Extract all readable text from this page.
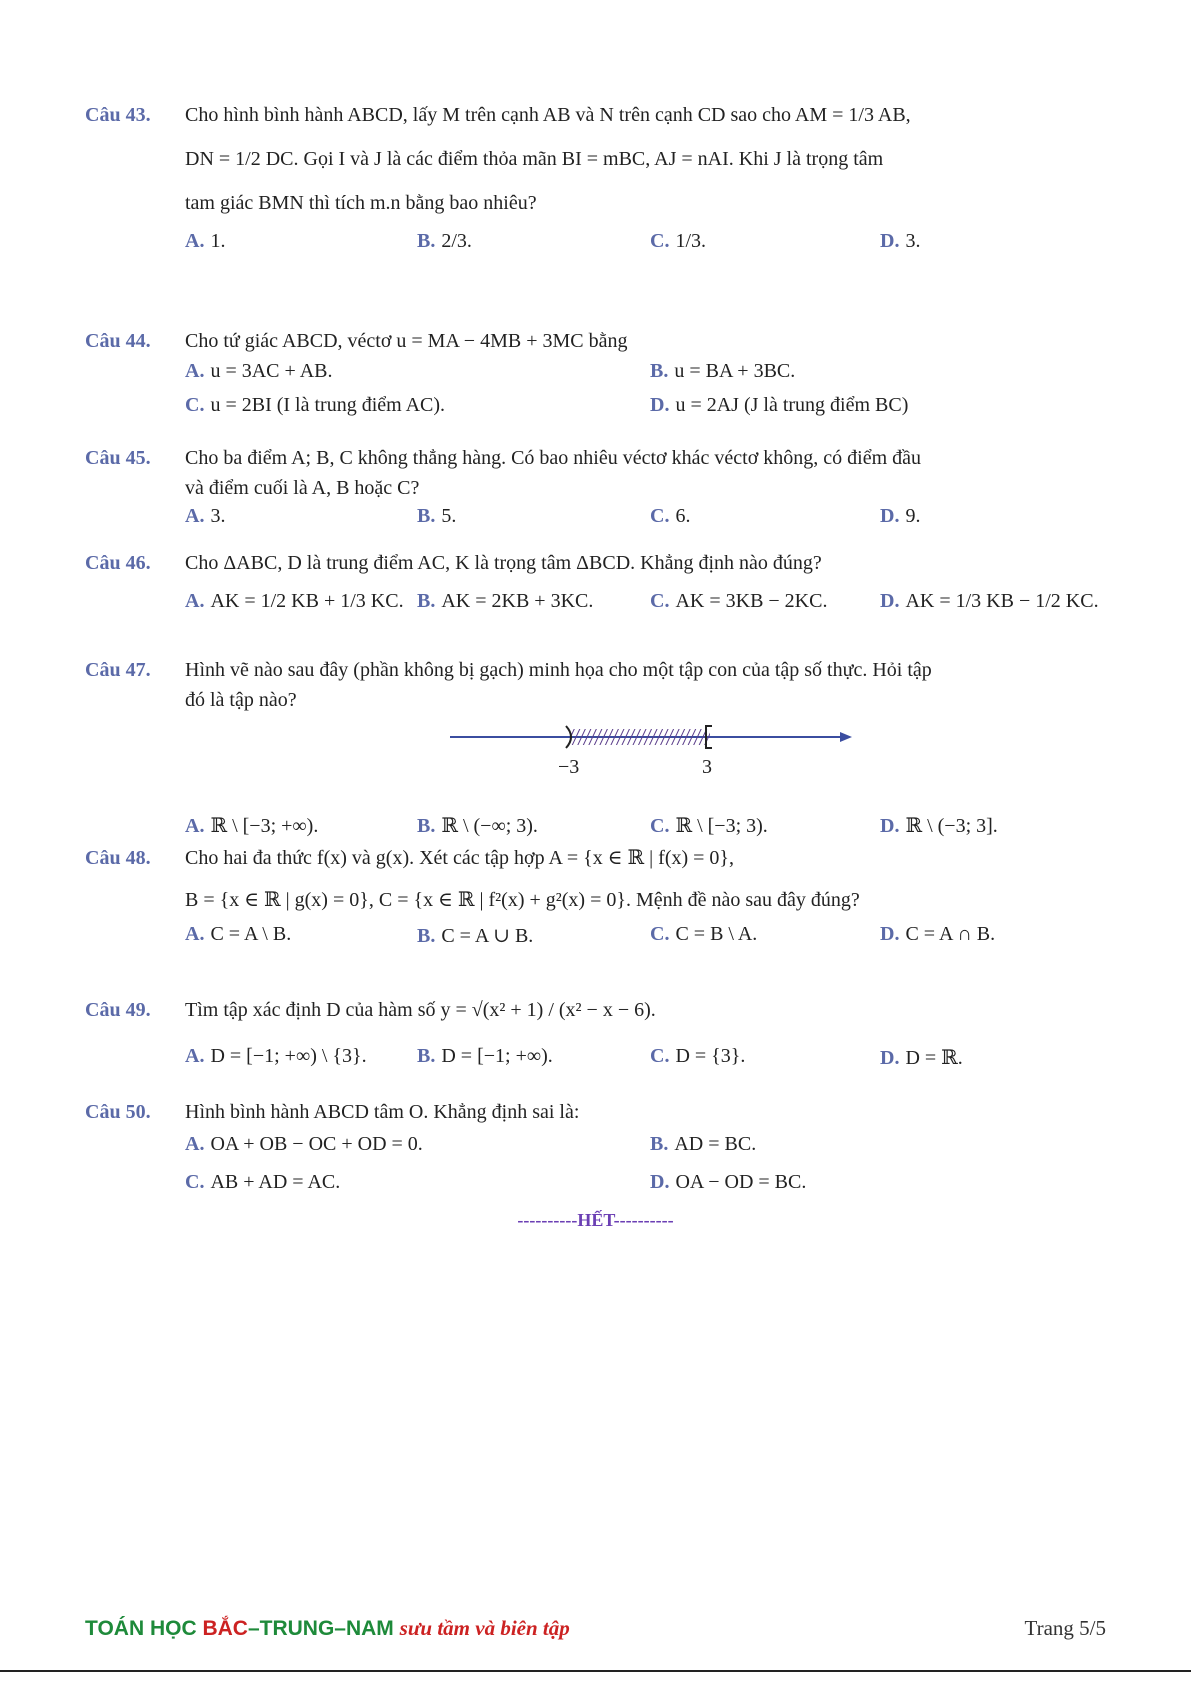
Câu 43. Cho hình bình hành ABCD, lấy M trên cạnh AB và N trên cạnh CD sao cho AM = 1/3 AB,
DN = 1/2 DC. Gọi I và J là các điểm thỏa mãn BI = mBC, AJ = nAI. Khi J là trọng tâm
tam giác BMN thì tích m.n bằng bao nhiêu?
A. 1.	B. 2/3.	C. 1/3.	D. 3.
Câu 44. Cho tứ giác ABCD, véctơ u = MA − 4MB + 3MC bằng
A. u = 3AC + AB.	B. u = BA + 3BC.
C. u = 2BI (I là trung điểm AC).	D. u = 2AJ (J là trung điểm BC)
Câu 45. Cho ba điểm A; B, C không thẳng hàng. Có bao nhiêu véctơ khác véctơ không, có điểm đầu
và điểm cuối là A, B hoặc C?
A. 3.	B. 5.	C. 6.	D. 9.
Câu 46. Cho ΔABC, D là trung điểm AC, K là trọng tâm ΔBCD. Khẳng định nào đúng?
A. AK = 1/2 KB + 1/3 KC. B. AK = 2KB + 3KC.	C. AK = 3KB − 2KC.	D. AK = 1/3 KB − 1/2 KC.
Câu 47. Hình vẽ nào sau đây (phần không bị gạch) minh họa cho một tập con của tập số thực. Hỏi tập
đó là tập nào?
A. ℝ \ [−3; +∞).	B. ℝ \ (−∞; 3).	C. ℝ \ [−3; 3).	D. ℝ \ (−3; 3].
−3	3
Câu 48. Cho hai đa thức f(x) và g(x). Xét các tập hợp A = {x ∈ ℝ | f(x) = 0},
B = {x ∈ ℝ | g(x) = 0}, C = {x ∈ ℝ | f²(x) + g²(x) = 0}. Mệnh đề nào sau đây đúng?
A. C = A \ B.	B. C = A ∪ B.	C. C = B \ A.	D. C = A ∩ B.
Câu 49. Tìm tập xác định D của hàm số y = √(x² + 1) / (x² − x − 6).
A. D = [−1; +∞) \ {3}.	B. D = [−1; +∞).	C. D = {3}.	D. D = ℝ.
Câu 50. Hình bình hành ABCD tâm O. Khẳng định sai là:
A. OA + OB − OC + OD = 0.	B. AD = BC.
C. AB + AD = AC.	D. OA − OD = BC.
----------HẾT----------
TOÁN HỌC BẮC–TRUNG–NAM sưu tầm và biên tập	Trang 5/5
